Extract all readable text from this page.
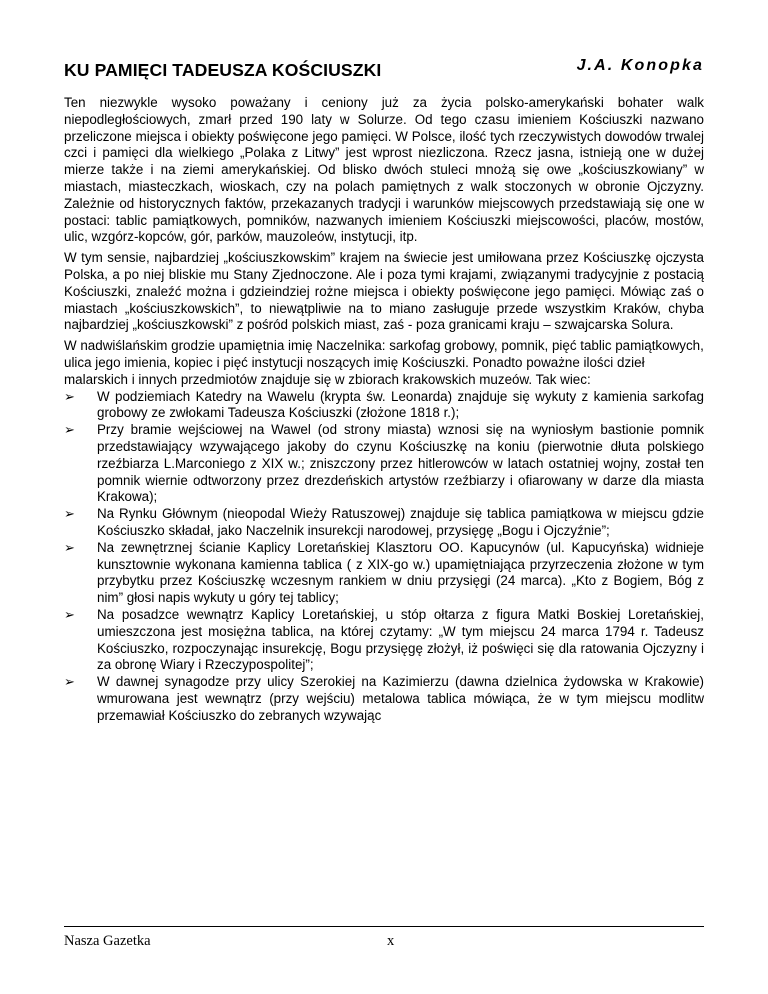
KU PAMIĘCI TADEUSZA KOŚCIUSZKI	J.A. Konopka

Ten niezwykle wysoko poważany i ceniony już za życia polsko-amerykański bohater walk niepodległościowych, zmarł przed 190 laty w Solurze. Od tego czasu imieniem Kościuszki nazwano przeliczone miejsca i obiekty poświęcone jego pamięci. W Polsce, ilość tych rzeczywistych dowodów trwalej czci i pamięci dla wielkiego „Polaka z Litwy” jest wprost niezliczona. Rzecz jasna, istnieją one w dużej mierze także i na ziemi amerykańskiej. Od blisko dwóch stuleci mnożą się owe „kościuszkowiany” w miastach, miasteczkach, wioskach, czy na polach pamiętnych z walk stoczonych w obronie Ojczyzny. Zależnie od historycznych faktów, przekazanych tradycji i warunków miejscowych przedstawiają się one w postaci: tablic pamiątkowych, pomników, nazwanych imieniem Kościuszki miejscowości, placów, mostów, ulic, wzgórz-kopców, gór, parków, mauzoleów, instytucji, itp.

W tym sensie, najbardziej „kościuszkowskim” krajem na świecie jest umiłowana przez Kościuszkę ojczysta Polska, a po niej bliskie mu Stany Zjednoczone. Ale i poza tymi krajami, związanymi tradycyjnie z postacią Kościuszki, znaleźć można i gdzieindziej rożne miejsca i obiekty poświęcone jego pamięci. Mówiąc zaś o miastach „kościuszkowskich”, to niewątpliwie na to miano zasługuje przede wszystkim Kraków, chyba najbardziej „kościuszkowski” z pośród polskich miast, zaś - poza granicami kraju – szwajcarska Solura.

W nadwiślańskim grodzie upamiętnia imię Naczelnika: sarkofag grobowy, pomnik, pięć tablic pamiątkowych, ulica jego imienia, kopiec i pięć instytucji noszących imię Kościuszki. Ponadto poważne ilości dzieł malarskich i innych przedmiotów znajduje się w zbiorach krakowskich muzeów. Tak wiec:

➢ W podziemiach Katedry na Wawelu (krypta św. Leonarda) znajduje się wykuty z kamienia sarkofag grobowy ze zwłokami Tadeusza Kościuszki (złożone 1818 r.);
➢ Przy bramie wejściowej na Wawel (od strony miasta) wznosi się na wyniosłym bastionie pomnik przedstawiający wzywającego jakoby do czynu Kościuszkę na koniu (pierwotnie dłuta polskiego rzeźbiarza L.Marconiego z XIX w.; zniszczony przez hitlerowców w latach ostatniej wojny, został ten pomnik wiernie odtworzony przez drezdeńskich artystów rzeźbiarzy i ofiarowany w darze dla miasta Krakowa);
➢ Na Rynku Głównym (nieopodal Wieży Ratuszowej) znajduje się tablica pamiątkowa w miejscu gdzie Kościuszko składał, jako Naczelnik insurekcji narodowej, przysięgę „Bogu i Ojczyźnie”;
➢ Na zewnętrznej ścianie Kaplicy Loretańskiej Klasztoru OO. Kapucynów (ul. Kapucyńska) widnieje kunsztownie wykonana kamienna tablica ( z XIX-go w.) upamiętniająca przyrzeczenia złożone w tym przybytku przez Kościuszkę wczesnym rankiem w dniu przysięgi (24 marca). „Kto z Bogiem, Bóg z nim” głosi napis wykuty u góry tej tablicy;
➢ Na posadzce wewnątrz Kaplicy Loretańskiej, u stóp ołtarza z figura Matki Boskiej Loretańskiej, umieszczona jest mosiężna tablica, na której czytamy: „W tym miejscu 24 marca 1794 r. Tadeusz Kościuszko, rozpoczynając insurekcję, Bogu przysięgę złożył, iż poświęci się dla ratowania Ojczyzny i za obronę Wiary i Rzeczypospolitej”;
➢ W dawnej synagodze przy ulicy Szerokiej na Kazimierzu (dawna dzielnica żydowska w Krakowie) wmurowana jest wewnątrz (przy wejściu) metalowa tablica mówiąca, że w tym miejscu modlitw przemawiał Kościuszko do zebranych wzywając
Nasza Gazetka	x
